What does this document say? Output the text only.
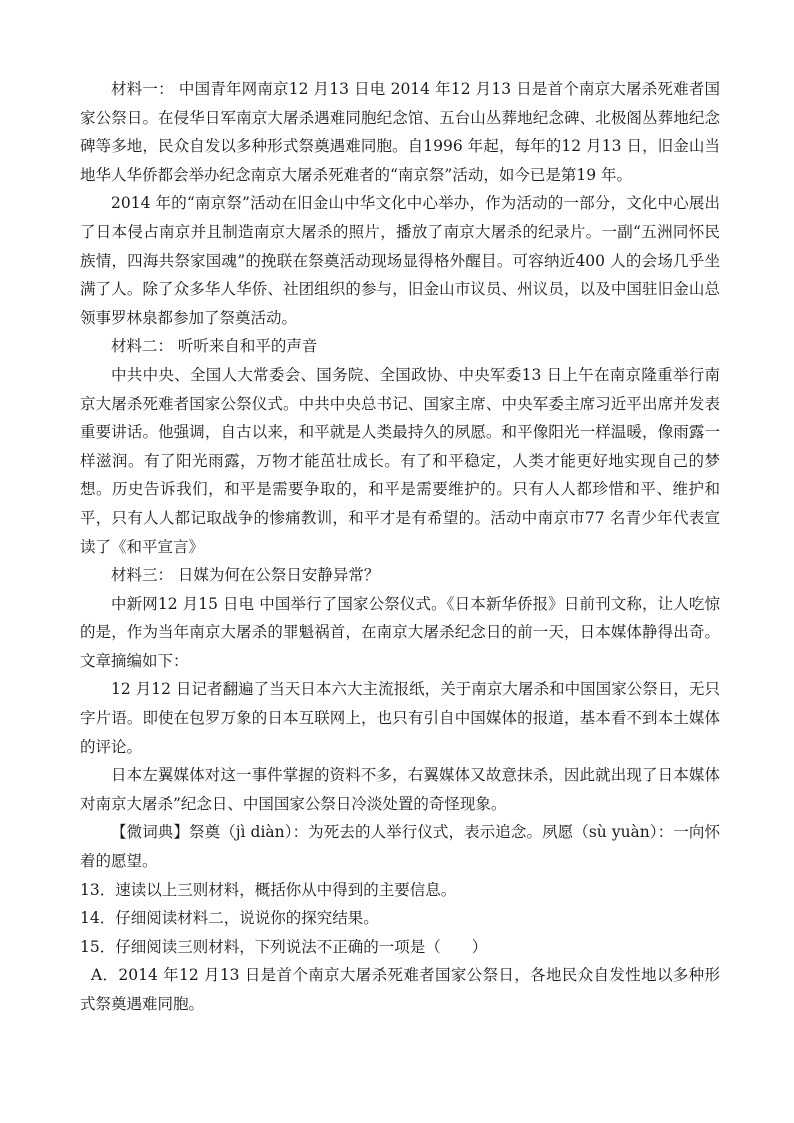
材料一： 中国青年网南京12 月13 日电 2014 年12 月13 日是首个南京大屠杀死难者国家公祭日。在侵华日军南京大屠杀遇难同胞纪念馆、五台山丛葬地纪念碑、北极阁丛葬地纪念碑等多地，民众自发以多种形式祭奠遇难同胞。自1996 年起，每年的12 月13 日，旧金山当地华人华侨都会举办纪念南京大屠杀死难者的“南京祭”活动，如今已是第19 年。

2014 年的“南京祭”活动在旧金山中华文化中心举办，作为活动的一部分，文化中心展出了日本侵占南京并且制造南京大屠杀的照片，播放了南京大屠杀的纪录片。一副“五洲同怀民族情，四海共祭家国魂”的挽联在祭奠活动现场显得格外醒目。可容纳近400 人的会场几乎坐满了人。除了众多华人华侨、社团组织的参与，旧金山市议员、州议员，以及中国驻旧金山总领事罗林泉都参加了祭奠活动。

材料二： 听听来自和平的声音

中共中央、全国人大常委会、国务院、全国政协、中央军委13 日上午在南京隆重举行南京大屠杀死难者国家公祭仪式。中共中央总书记、国家主席、中央军委主席习近平出席并发表重要讲话。他强调，自古以来，和平就是人类最持久的夙愿。和平像阳光一样温暖，像雨露一样滋润。有了阳光雨露，万物才能茁壮成长。有了和平稳定，人类才能更好地实现自己的梦想。历史告诉我们，和平是需要争取的，和平是需要维护的。只有人人都珍惜和平、维护和平，只有人人都记取战争的惨痛教训，和平才是有希望的。活动中南京市77 名青少年代表宣读了《和平宣言》

材料三： 日媒为何在公祭日安静异常？

中新网12 月15 日电 中国举行了国家公祭仪式。《日本新华侨报》日前刊文称，让人吃惊的是，作为当年南京大屠杀的罪魁祸首，在南京大屠杀纪念日的前一天，日本媒体静得出奇。文章摘编如下：

12 月12 日记者翻遍了当天日本六大主流报纸，关于南京大屠杀和中国国家公祭日，无只字片语。即使在包罗万象的日本互联网上，也只有引自中国媒体的报道，基本看不到本土媒体的评论。

日本左翼媒体对这一事件掌握的资料不多，右翼媒体又故意抹杀，因此就出现了日本媒体对南京大屠杀”纪念日、中国国家公祭日冷淡处置的奇怪现象。

【微词典】祭奠（jì diàn）：为死去的人举行仪式，表示追念。夙愿（sù yuàn）：一向怀着的愿望。

13．速读以上三则材料，概括你从中得到的主要信息。

14．仔细阅读材料二，说说你的探究结果。

15．仔细阅读三则材料，下列说法不正确的一项是（　　）

A．2014 年12 月13 日是首个南京大屠杀死难者国家公祭日，各地民众自发性地以多种形式祭奠遇难同胞。
